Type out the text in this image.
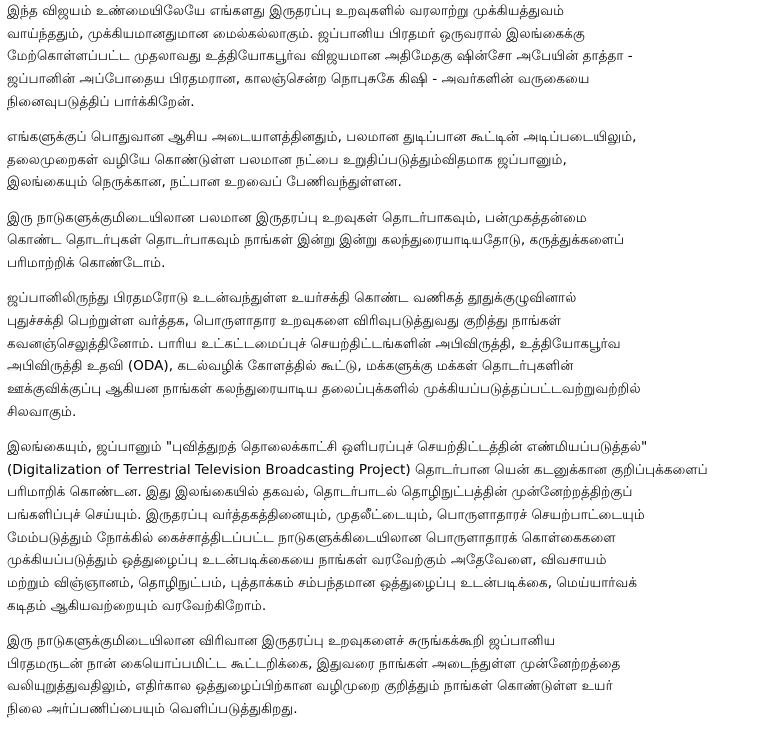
இந்த விஜயம் உண்மையிலேயே எங்களது இருதரப்பு உறவுகளில் வரலாற்று முக்கியத்துவம்
வாய்ந்ததும், முக்கியமானதுமான மைல்கல்லாகும். ஜப்பானிய பிரதமர் ஒருவரால் இலங்கைக்கு
மேற்கொள்ளப்பட்ட முதலாவது உத்தியோகபூர்வ விஜயமான அதிமேதகு ஷின்சோ அபேயின் தாத்தா -
ஜப்பானின் அப்போதைய பிரதமரான, காலஞ்சென்ற நொபுசுகே கிஷி - அவர்களின் வருகையை
நினைவுபடுத்திப் பார்க்கிறேன்.
எங்களுக்குப் பொதுவான ஆசிய அடையாளத்தினதும், பலமான துடிப்பான கூட்டின் அடிப்படையிலும்,
தலைமுறைகள் வழியே கொண்டுள்ள பலமான நட்பை உறுதிப்படுத்தும்விதமாக ஜப்பானும்,
இலங்கையும் நெருக்கான, நட்பான உறவைப் பேணிவந்துள்ளன.
இரு நாடுகளுக்குமிடையிலான பலமான இருதரப்பு உறவுகள் தொடர்பாகவும், பன்முகத்தன்மை
கொண்ட தொடர்புகள் தொடர்பாகவும் நாங்கள் இன்று இன்று கலந்துரையாடியதோடு, கருத்துக்களைப்
பரிமாற்றிக் கொண்டோம்.
ஜப்பானிலிருந்து பிரதமரோடு உடன்வந்துள்ள உயர்சக்தி கொண்ட வணிகத் தூதுக்குழுவினால்
புதுச்சக்தி பெற்றுள்ள வர்த்தக, பொருளாதார உறவுகளை விரிவுபடுத்துவது குறித்து நாங்கள்
கவனஞ்செலுத்தினோம். பாரிய உட்கட்டமைப்புச் செயற்திட்டங்களின் அபிவிருத்தி, உத்தியோகபூர்வ
அபிவிருத்தி உதவி (ODA), கடல்வழிக் கோளத்தில் கூட்டு, மக்களுக்கு மக்கள் தொடர்புகளின்
ஊக்குவிக்குப்பு ஆகியன நாங்கள் கலந்துரையாடிய தலைப்புக்களில் முக்கியப்படுத்தப்பட்டவற்றுவற்றில்
சிலவாகும்.
இலங்கையும், ஜப்பானும் "புவித்துறத் தொலைக்காட்சி ஒளிபரப்புச் செயற்திட்டத்தின் எண்மியப்படுத்தல்"
(Digitalization of Terrestrial Television Broadcasting Project) தொடர்பான யென் கடனுக்கான குறிப்புக்களைப்
பரிமாறிக் கொண்டன. இது இலங்கையில் தகவல், தொடர்பாடல் தொழிநுட்பத்தின் முன்னேற்றத்திற்குப்
பங்களிப்புச் செய்யும். இருதரப்பு வர்த்தகத்தினையும், முதலீட்டையும், பொருளாதாரச் செயற்பாட்டையும்
மேம்படுத்தும் நோக்கில் கைச்சாத்திடப்பட்ட நாடுகளுக்கிடையிலான பொருளாதாரக் கொள்கைகளை
முக்கியப்படுத்தும் ஒத்துழைப்பு உடன்படிக்கையை நாங்கள் வரவேற்கும் அதேவேளை, விவசாயம்
மற்றும் விஞ்ஞானம், தொழிநுட்பம், புத்தாக்கம் சம்பந்தமான ஒத்துழைப்பு உடன்படிக்கை, மெய்யார்வக்
கடிதம் ஆகியவற்றையும் வரவேற்கிறோம்.
இரு நாடுகளுக்குமிடையிலான விரிவான இருதரப்பு உறவுகளைச் சுருங்கக்கூறி ஜப்பானிய
பிரதமருடன் நான் கையொப்பமிட்ட கூட்டறிக்கை, இதுவரை நாங்கள் அடைந்துள்ள முன்னேற்றத்தை
வலியுறுத்துவதிலும், எதிர்கால ஒத்துழைப்பிற்கான வழிமுறை குறித்தும் நாங்கள் கொண்டுள்ள உயர்
நிலை அர்ப்பணிப்பையும் வெளிப்படுத்துகிறது.
